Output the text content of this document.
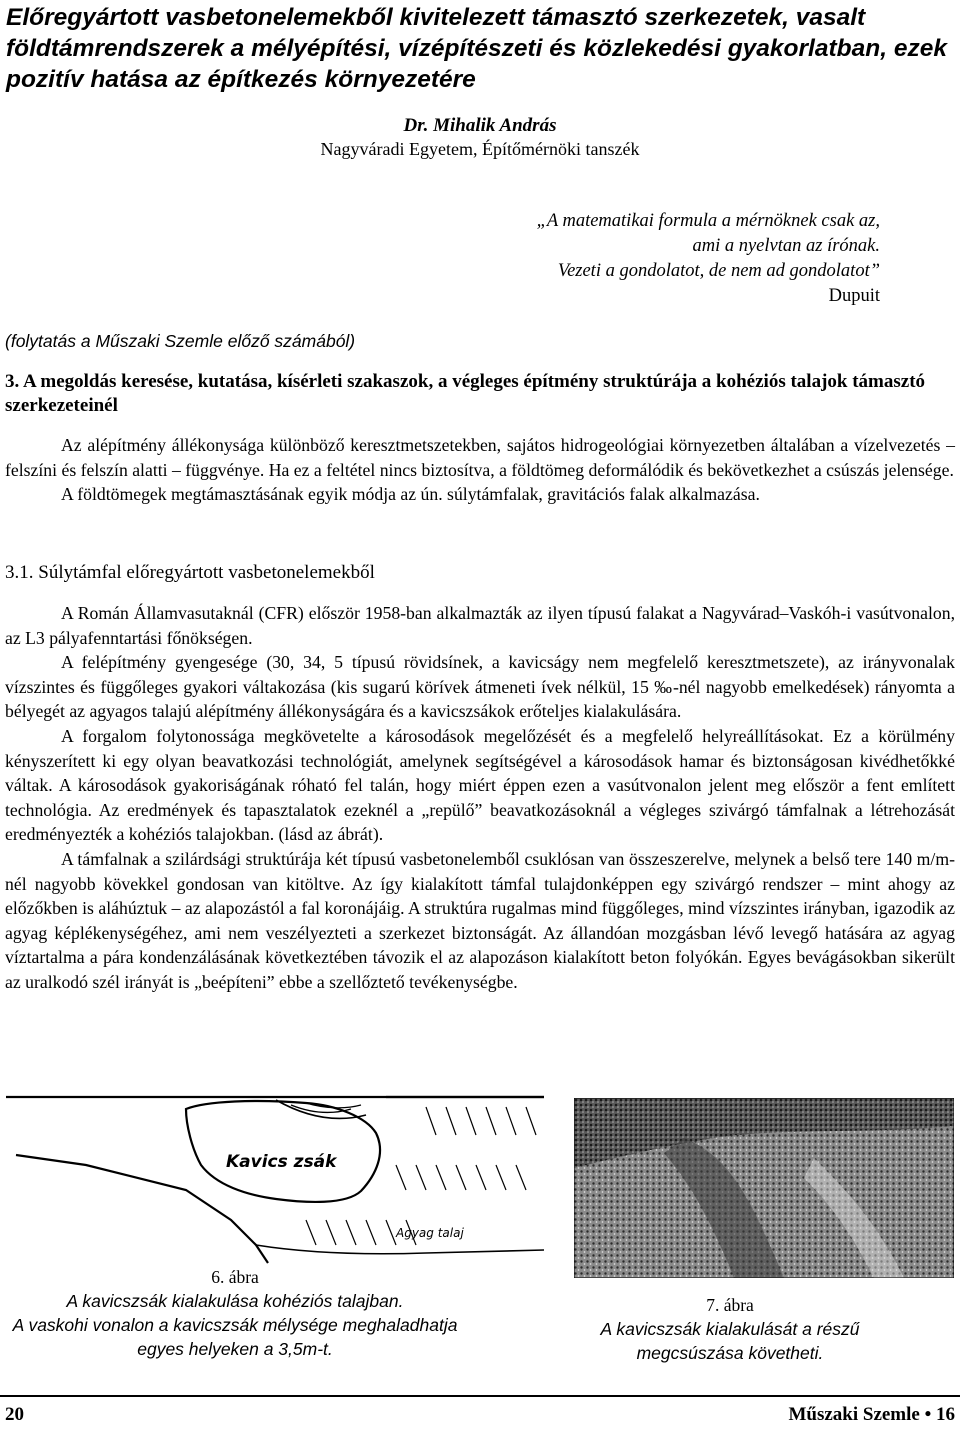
Előregyártott vasbetonelemekből kivitelezett támasztó szerkezetek, vasalt földtámrendszerek a mélyépítési, vízépítészeti és közlekedési gyakorlatban, ezek pozitív hatása az építkezés környezetére
Dr. Mihalik András
Nagyváradi Egyetem, Építőmérnöki tanszék
„A matematikai formula a mérnöknek csak az,
ami a nyelvtan az írónak.
Vezeti a gondolatot, de nem ad gondolatot”
Dupuit
(folytatás a Műszaki Szemle előző számából)
3. A megoldás keresése, kutatása, kísérleti szakaszok, a végleges építmény struktúrája a kohéziós talajok támasztó szerkezeteinél

Az alépítmény állékonysága különböző keresztmetszetekben, sajátos hidrogeológiai környezetben általában a vízelvezetés – felszíni és felszín alatti – függvénye. Ha ez a feltétel nincs biztosítva, a földtömeg deformálódik és bekövetkezhet a csúszás jelensége.

A földtömegek megtámasztásának egyik módja az ún. súlytámfalak, gravitációs falak alkalmazása.

3.1. Súlytámfal előregyártott vasbetonelemekből

A Román Államvasutaknál (CFR) először 1958-ban alkalmazták az ilyen típusú falakat a Nagyvárad–Vaskóh-i vasútvonalon, az L3 pályafenntartási főnökségen.

A felépítmény gyengesége (30, 34, 5 típusú rövidsínek, a kavicságy nem megfelelő keresztmetszete), az irányvonalak vízszintes és függőleges gyakori váltakozása (kis sugarú körívek átmeneti ívek nélkül, 15 ‰-nél nagyobb emelkedések) rányomta a bélyegét az agyagos talajú alépítmény állékonyságára és a kavicszsákok erőteljes kialakulására.

A forgalom folytonossága megkövetelte a károsodások megelőzését és a megfelelő helyreállításokat. Ez a körülmény kényszerített ki egy olyan beavatkozási technológiát, amelynek segítségével a károsodások hamar és biztonságosan kivédhetőkké váltak. A károsodások gyakoriságának róható fel talán, hogy miért éppen ezen a vasútvonalon jelent meg először a fent említett technológia. Az eredmények és tapasztalatok ezeknél a „repülő” beavatkozásoknál a végleges szivárgó támfalnak a létrehozását eredményezték a kohéziós talajokban. (lásd az ábrát).

A támfalnak a szilárdsági struktúrája két típusú vasbetonelemből csuklósan van összeszerelve, melynek a belső tere 140 m/m-nél nagyobb kövekkel gondosan van kitöltve. Az így kialakított támfal tulajdonképpen egy szivárgó rendszer – mint ahogy az előzőkben is aláhúztuk – az alapozástól a fal koronájáig. A struktúra rugalmas mind függőleges, mind vízszintes irányban, igazodik az agyag képlékenységéhez, ami nem veszélyezteti a szerkezet biztonságát. Az állandóan mozgásban lévő levegő hatására az agyag víztartalma a pára kondenzálásának következtében távozik el az alapozáson kialakított beton folyókán. Egyes bevágásokban sikerült az uralkodó szél irányát is „beépíteni” ebbe a szellőztető tevékenységbe.

Kavics zsák
Agyag talaj
6. ábra
A kavicszsák kialakulása kohéziós talajban.
A vaskohi vonalon a kavicszsák mélysége meghaladhatja egyes helyeken a 3,5m-t.
7. ábra
A kavicszsák kialakulását a részű megcsúszása követheti.
20	Műszaki Szemle • 16
